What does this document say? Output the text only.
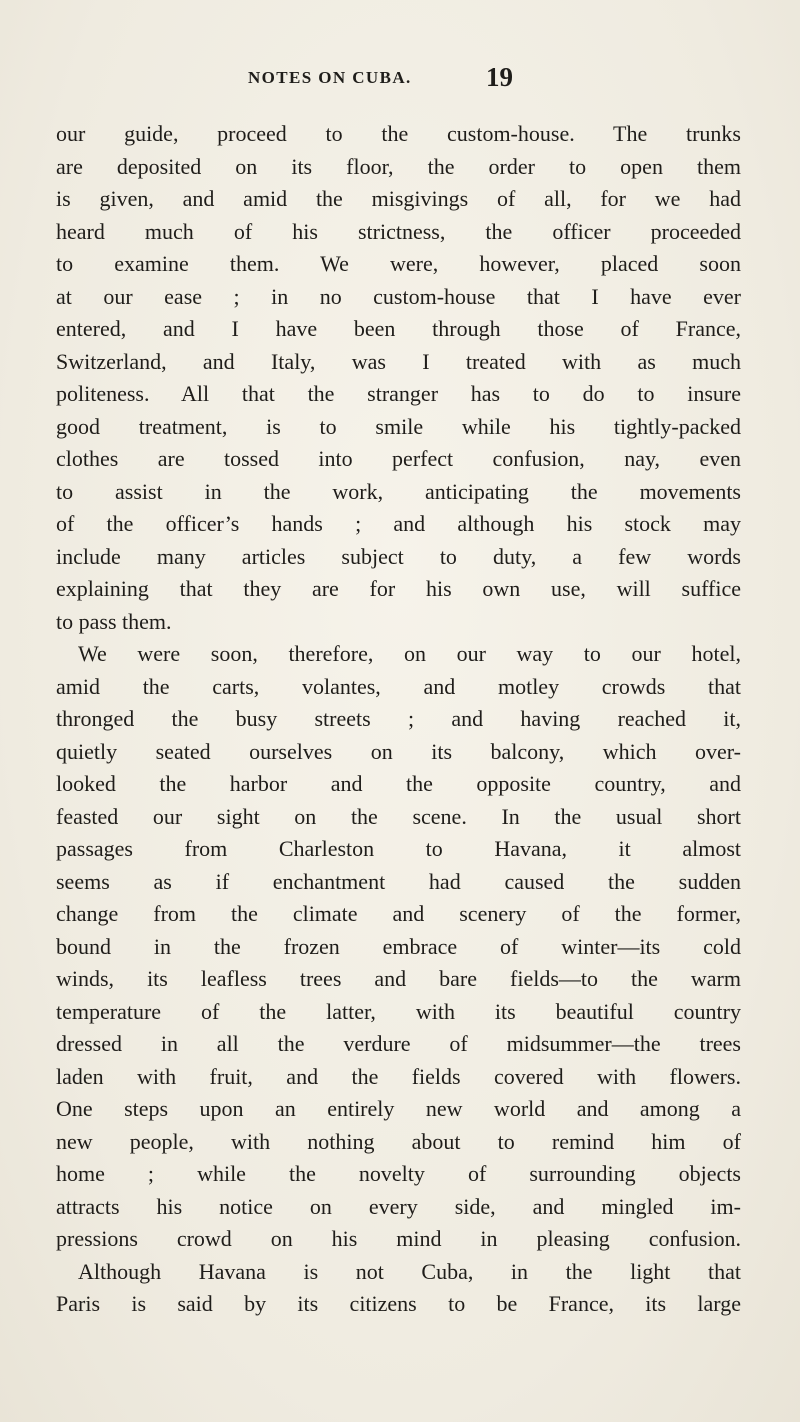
NOTES ON CUBA.	19
our guide, proceed to the custom-house. The trunks
are deposited on its floor, the order to open them
is given, and amid the misgivings of all, for we had
heard much of his strictness, the officer proceeded
to examine them. We were, however, placed soon
at our ease ; in no custom-house that I have ever
entered, and I have been through those of France,
Switzerland, and Italy, was I treated with as much
politeness. All that the stranger has to do to insure
good treatment, is to smile while his tightly-packed
clothes are tossed into perfect confusion, nay, even
to assist in the work, anticipating the movements
of the officer’s hands ; and although his stock may
include many articles subject to duty, a few words
explaining that they are for his own use, will suffice
to pass them.
We were soon, therefore, on our way to our hotel,
amid the carts, volantes, and motley crowds that
thronged the busy streets ; and having reached it,
quietly seated ourselves on its balcony, which over-
looked the harbor and the opposite country, and
feasted our sight on the scene. In the usual short
passages from Charleston to Havana, it almost
seems as if enchantment had caused the sudden
change from the climate and scenery of the former,
bound in the frozen embrace of winter—its cold
winds, its leafless trees and bare fields—to the warm
temperature of the latter, with its beautiful country
dressed in all the verdure of midsummer—the trees
laden with fruit, and the fields covered with flowers.
One steps upon an entirely new world and among a
new people, with nothing about to remind him of
home ; while the novelty of surrounding objects
attracts his notice on every side, and mingled im-
pressions crowd on his mind in pleasing confusion.
Although Havana is not Cuba, in the light that
Paris is said by its citizens to be France, its large
